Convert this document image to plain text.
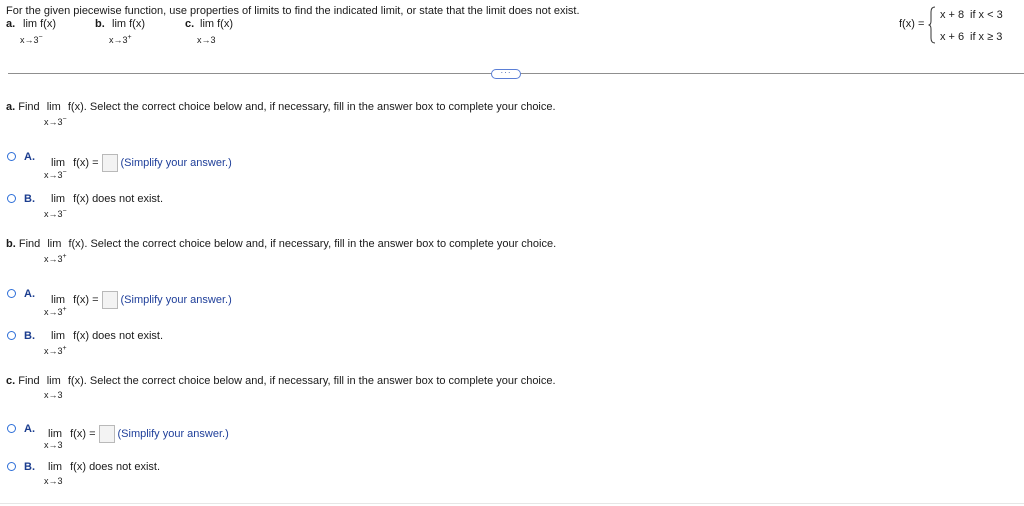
For the given piecewise function, use properties of limits to find the indicated limit, or state that the limit does not exist.
a. lim f(x)
x→3−
b. lim f(x)
x→3+
c. lim f(x)
x→3
f(x) =
x + 8 if x < 3
x + 6 if x ≥ 3
···
a. Find lim f(x). Select the correct choice below and, if necessary, fill in the answer box to complete your choice.
x→3−
A. lim f(x) = (Simplify your answer.)
x→3−
B. lim f(x) does not exist.
x→3−
b. Find lim f(x). Select the correct choice below and, if necessary, fill in the answer box to complete your choice.
x→3+
A. lim f(x) = (Simplify your answer.)
x→3+
B. lim f(x) does not exist.
x→3+
c. Find lim f(x). Select the correct choice below and, if necessary, fill in the answer box to complete your choice.
x→3
A. lim f(x) = (Simplify your answer.)
x→3
B. lim f(x) does not exist.
x→3
